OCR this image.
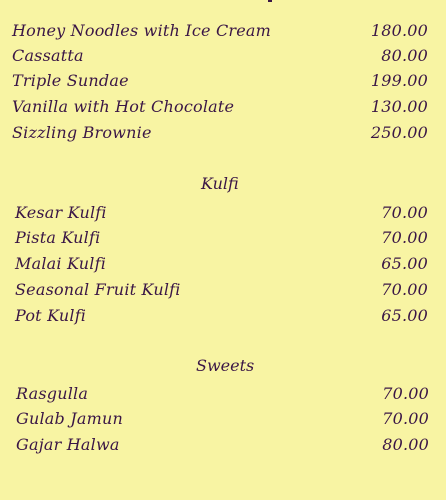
Honey Noodles with Ice Cream	180.00
Cassatta	80.00
Triple Sundae	199.00
Vanilla with Hot Chocolate	130.00
Sizzling Brownie	250.00
Kulfi
Kesar Kulfi	70.00
Pista Kulfi	70.00
Malai Kulfi	65.00
Seasonal Fruit Kulfi	70.00
Pot Kulfi	65.00
Sweets
Rasgulla	70.00
Gulab Jamun	70.00
Gajar Halwa	80.00
